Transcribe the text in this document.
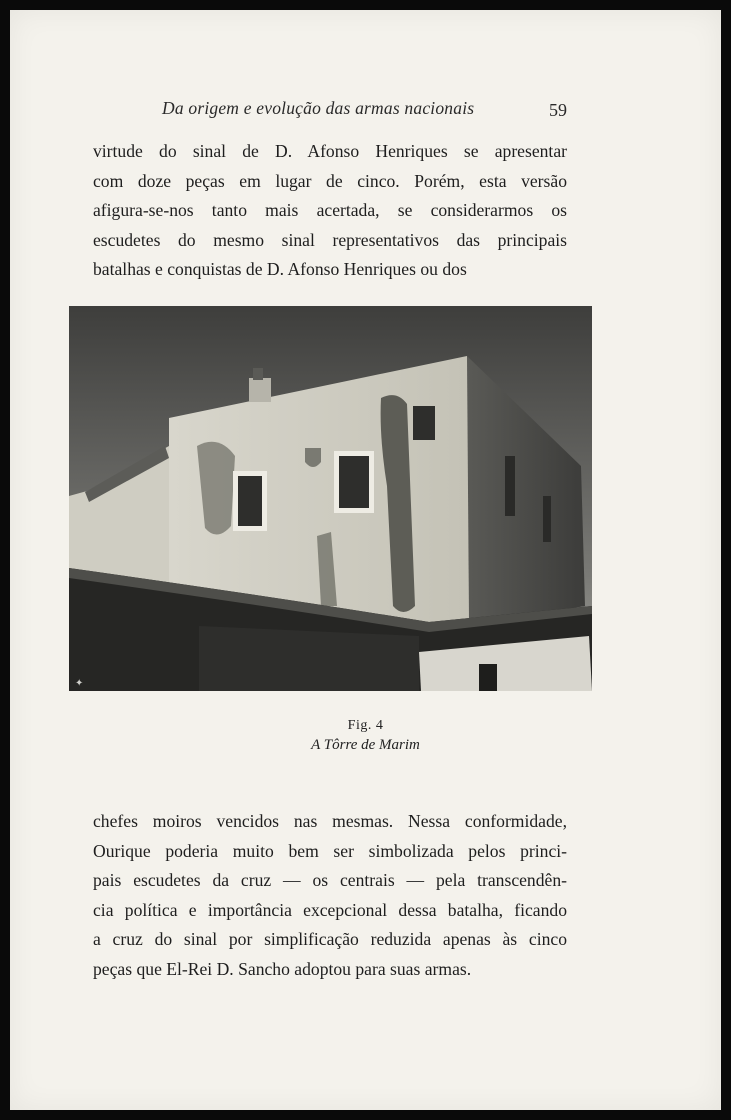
Da origem e evolução das armas nacionais	59
virtude do sinal de D. Afonso Henriques se apresentar
com doze peças em lugar de cinco. Porém, esta versão
afigura-se-nos tanto mais acertada, se considerarmos os
escudetes do mesmo sinal representativos das principais
batalhas e conquistas de D. Afonso Henriques ou dos
✦
Fig. 4
A Tôrre de Marim
chefes moiros vencidos nas mesmas. Nessa conformidade,
Ourique poderia muito bem ser simbolizada pelos princi-
pais escudetes da cruz — os centrais — pela transcendên-
cia política e importância excepcional dessa batalha, ficando
a cruz do sinal por simplificação reduzida apenas às cinco
peças que El-Rei D. Sancho adoptou para suas armas.
